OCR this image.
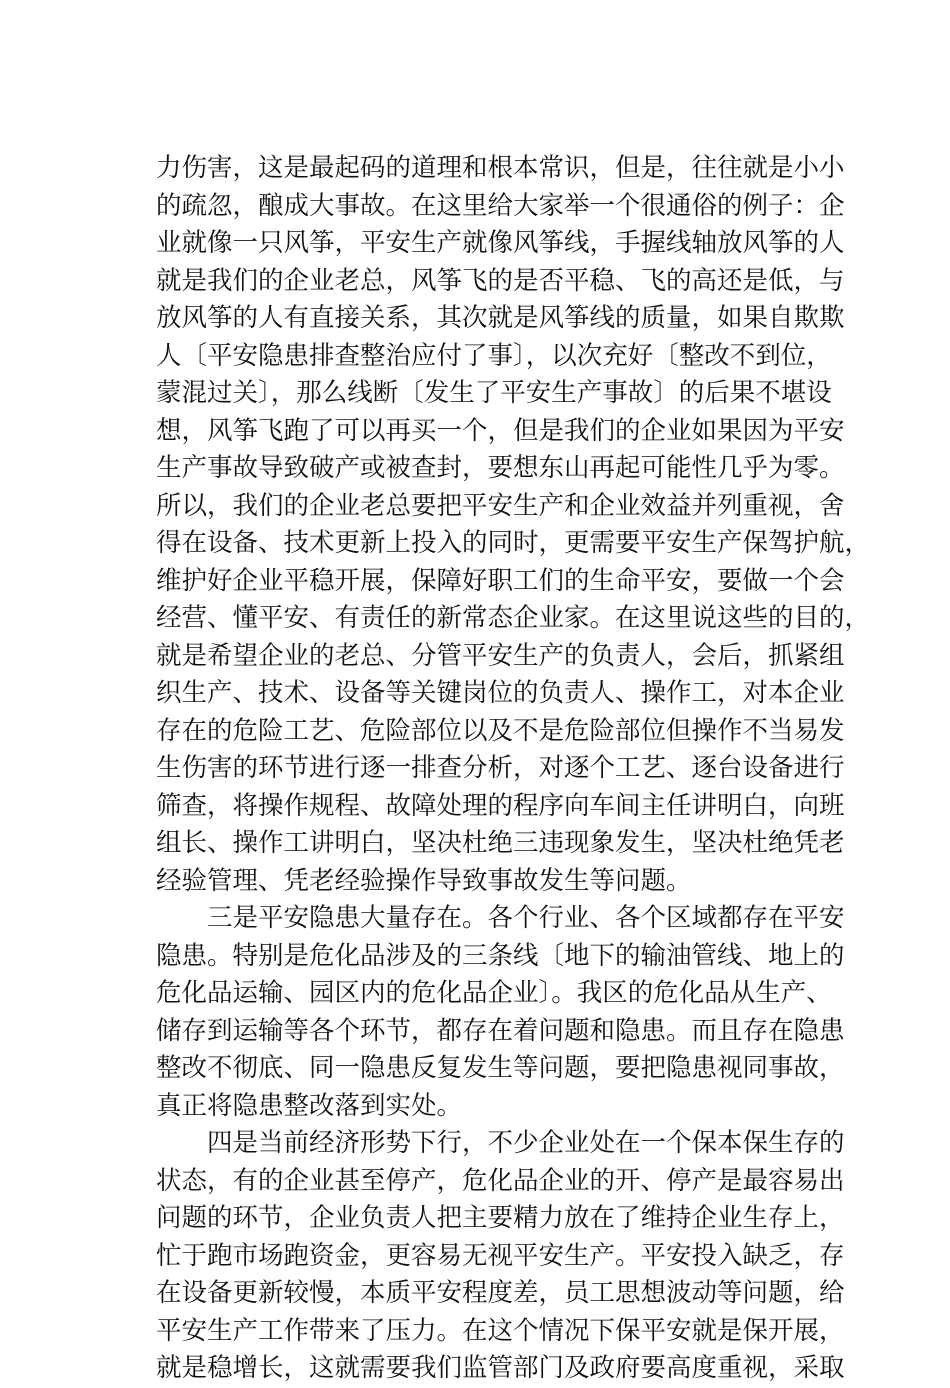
力伤害，这是最起码的道理和根本常识，但是，往往就是小小
的疏忽，酿成大事故。在这里给大家举一个很通俗的例子：企
业就像一只风筝，平安生产就像风筝线，手握线轴放风筝的人
就是我们的企业老总，风筝飞的是否平稳、飞的高还是低，与
放风筝的人有直接关系，其次就是风筝线的质量，如果自欺欺
人〔平安隐患排查整治应付了事〕，以次充好〔整改不到位，
蒙混过关〕，那么线断〔发生了平安生产事故〕的后果不堪设
想，风筝飞跑了可以再买一个，但是我们的企业如果因为平安
生产事故导致破产或被查封，要想东山再起可能性几乎为零。
所以，我们的企业老总要把平安生产和企业效益并列重视，舍
得在设备、技术更新上投入的同时，更需要平安生产保驾护航，
维护好企业平稳开展，保障好职工们的生命平安，要做一个会
经营、懂平安、有责任的新常态企业家。在这里说这些的目的，
就是希望企业的老总、分管平安生产的负责人，会后，抓紧组
织生产、技术、设备等关键岗位的负责人、操作工，对本企业
存在的危险工艺、危险部位以及不是危险部位但操作不当易发
生伤害的环节进行逐一排查分析，对逐个工艺、逐台设备进行
筛查，将操作规程、故障处理的程序向车间主任讲明白，向班
组长、操作工讲明白，坚决杜绝三违现象发生，坚决杜绝凭老
经验管理、凭老经验操作导致事故发生等问题。
三是平安隐患大量存在。各个行业、各个区域都存在平安
隐患。特别是危化品涉及的三条线〔地下的输油管线、地上的
危化品运输、园区内的危化品企业〕。我区的危化品从生产、
储存到运输等各个环节，都存在着问题和隐患。而且存在隐患
整改不彻底、同一隐患反复发生等问题，要把隐患视同事故，
真正将隐患整改落到实处。
四是当前经济形势下行，不少企业处在一个保本保生存的
状态，有的企业甚至停产，危化品企业的开、停产是最容易出
问题的环节，企业负责人把主要精力放在了维持企业生存上，
忙于跑市场跑资金，更容易无视平安生产。平安投入缺乏，存
在设备更新较慢，本质平安程度差，员工思想波动等问题，给
平安生产工作带来了压力。在这个情况下保平安就是保开展，
就是稳增长，这就需要我们监管部门及政府要高度重视，采取
